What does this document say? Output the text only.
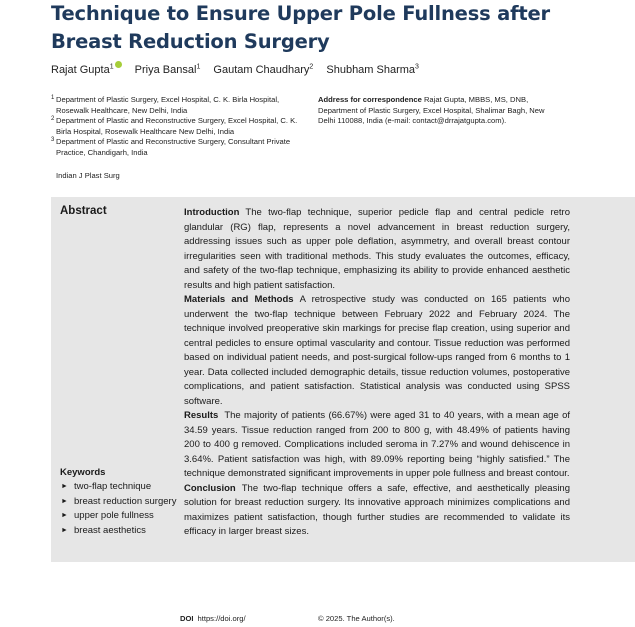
Technique to Ensure Upper Pole Fullness after
Breast Reduction Surgery
Rajat Gupta$^1$ Priya Bansal$^1$ Gautam Chaudhary$^2$ Shubham Sharma$^3$
1 Department of Plastic Surgery, Excel Hospital, C. K. Birla Hospital, Rosewalk Healthcare, New Delhi, India
2 Department of Plastic and Reconstructive Surgery, Excel Hospital, C. K. Birla Hospital, Rosewalk Healthcare New Delhi, India
3 Department of Plastic and Reconstructive Surgery, Consultant Private Practice, Chandigarh, India
Address for correspondence Rajat Gupta, MBBS, MS, DNB, Department of Plastic Surgery, Excel Hospital, Shalimar Bagh, New Delhi 110088, India (e-mail: contact@drrajatgupta.com).
Indian J Plast Surg
Abstract	Introduction The two-flap technique, superior pedicle flap and central pedicle retro glandular (RG) flap, represents a novel advancement in breast reduction surgery, addressing issues such as upper pole deflation, asymmetry, and overall breast contour irregularities seen with traditional methods. This study evaluates the outcomes, efficacy, and safety of the two-flap technique, emphasizing its ability to provide enhanced aesthetic results and high patient satisfaction.

Materials and Methods A retrospective study was conducted on 165 patients who underwent the two-flap technique between February 2022 and February 2024. The technique involved preoperative skin markings for precise flap creation, using superior and central pedicles to ensure optimal vascularity and contour. Tissue reduction was performed based on individual patient needs, and post-surgical follow-ups ranged from 6 months to 1 year. Data collected included demographic details, tissue reduction volumes, postoperative complications, and patient satisfaction. Statistical analysis was conducted using SPSS software.

Results The majority of patients (66.67%) were aged 31 to 40 years, with a mean age of 34.59 years. Tissue reduction ranged from 200 to 800 g, with 48.49% of patients having 200 to 400 g removed. Complications included seroma in 7.27% and wound dehiscence in 3.64%. Patient satisfaction was high, with 89.09% reporting being “highly satisfied.” The technique demonstrated significant improvements in upper pole fullness and breast contour.

Conclusion The two-flap technique offers a safe, effective, and aesthetically pleasing solution for breast reduction surgery. Its innovative approach minimizes complications and maximizes patient satisfaction, though further studies are recommended to validate its efficacy in larger breast sizes.

Keywords
► two-flap technique
► breast reduction surgery
► upper pole fullness
► breast aesthetics
DOI https://doi.org/	© 2025. The Author(s).
